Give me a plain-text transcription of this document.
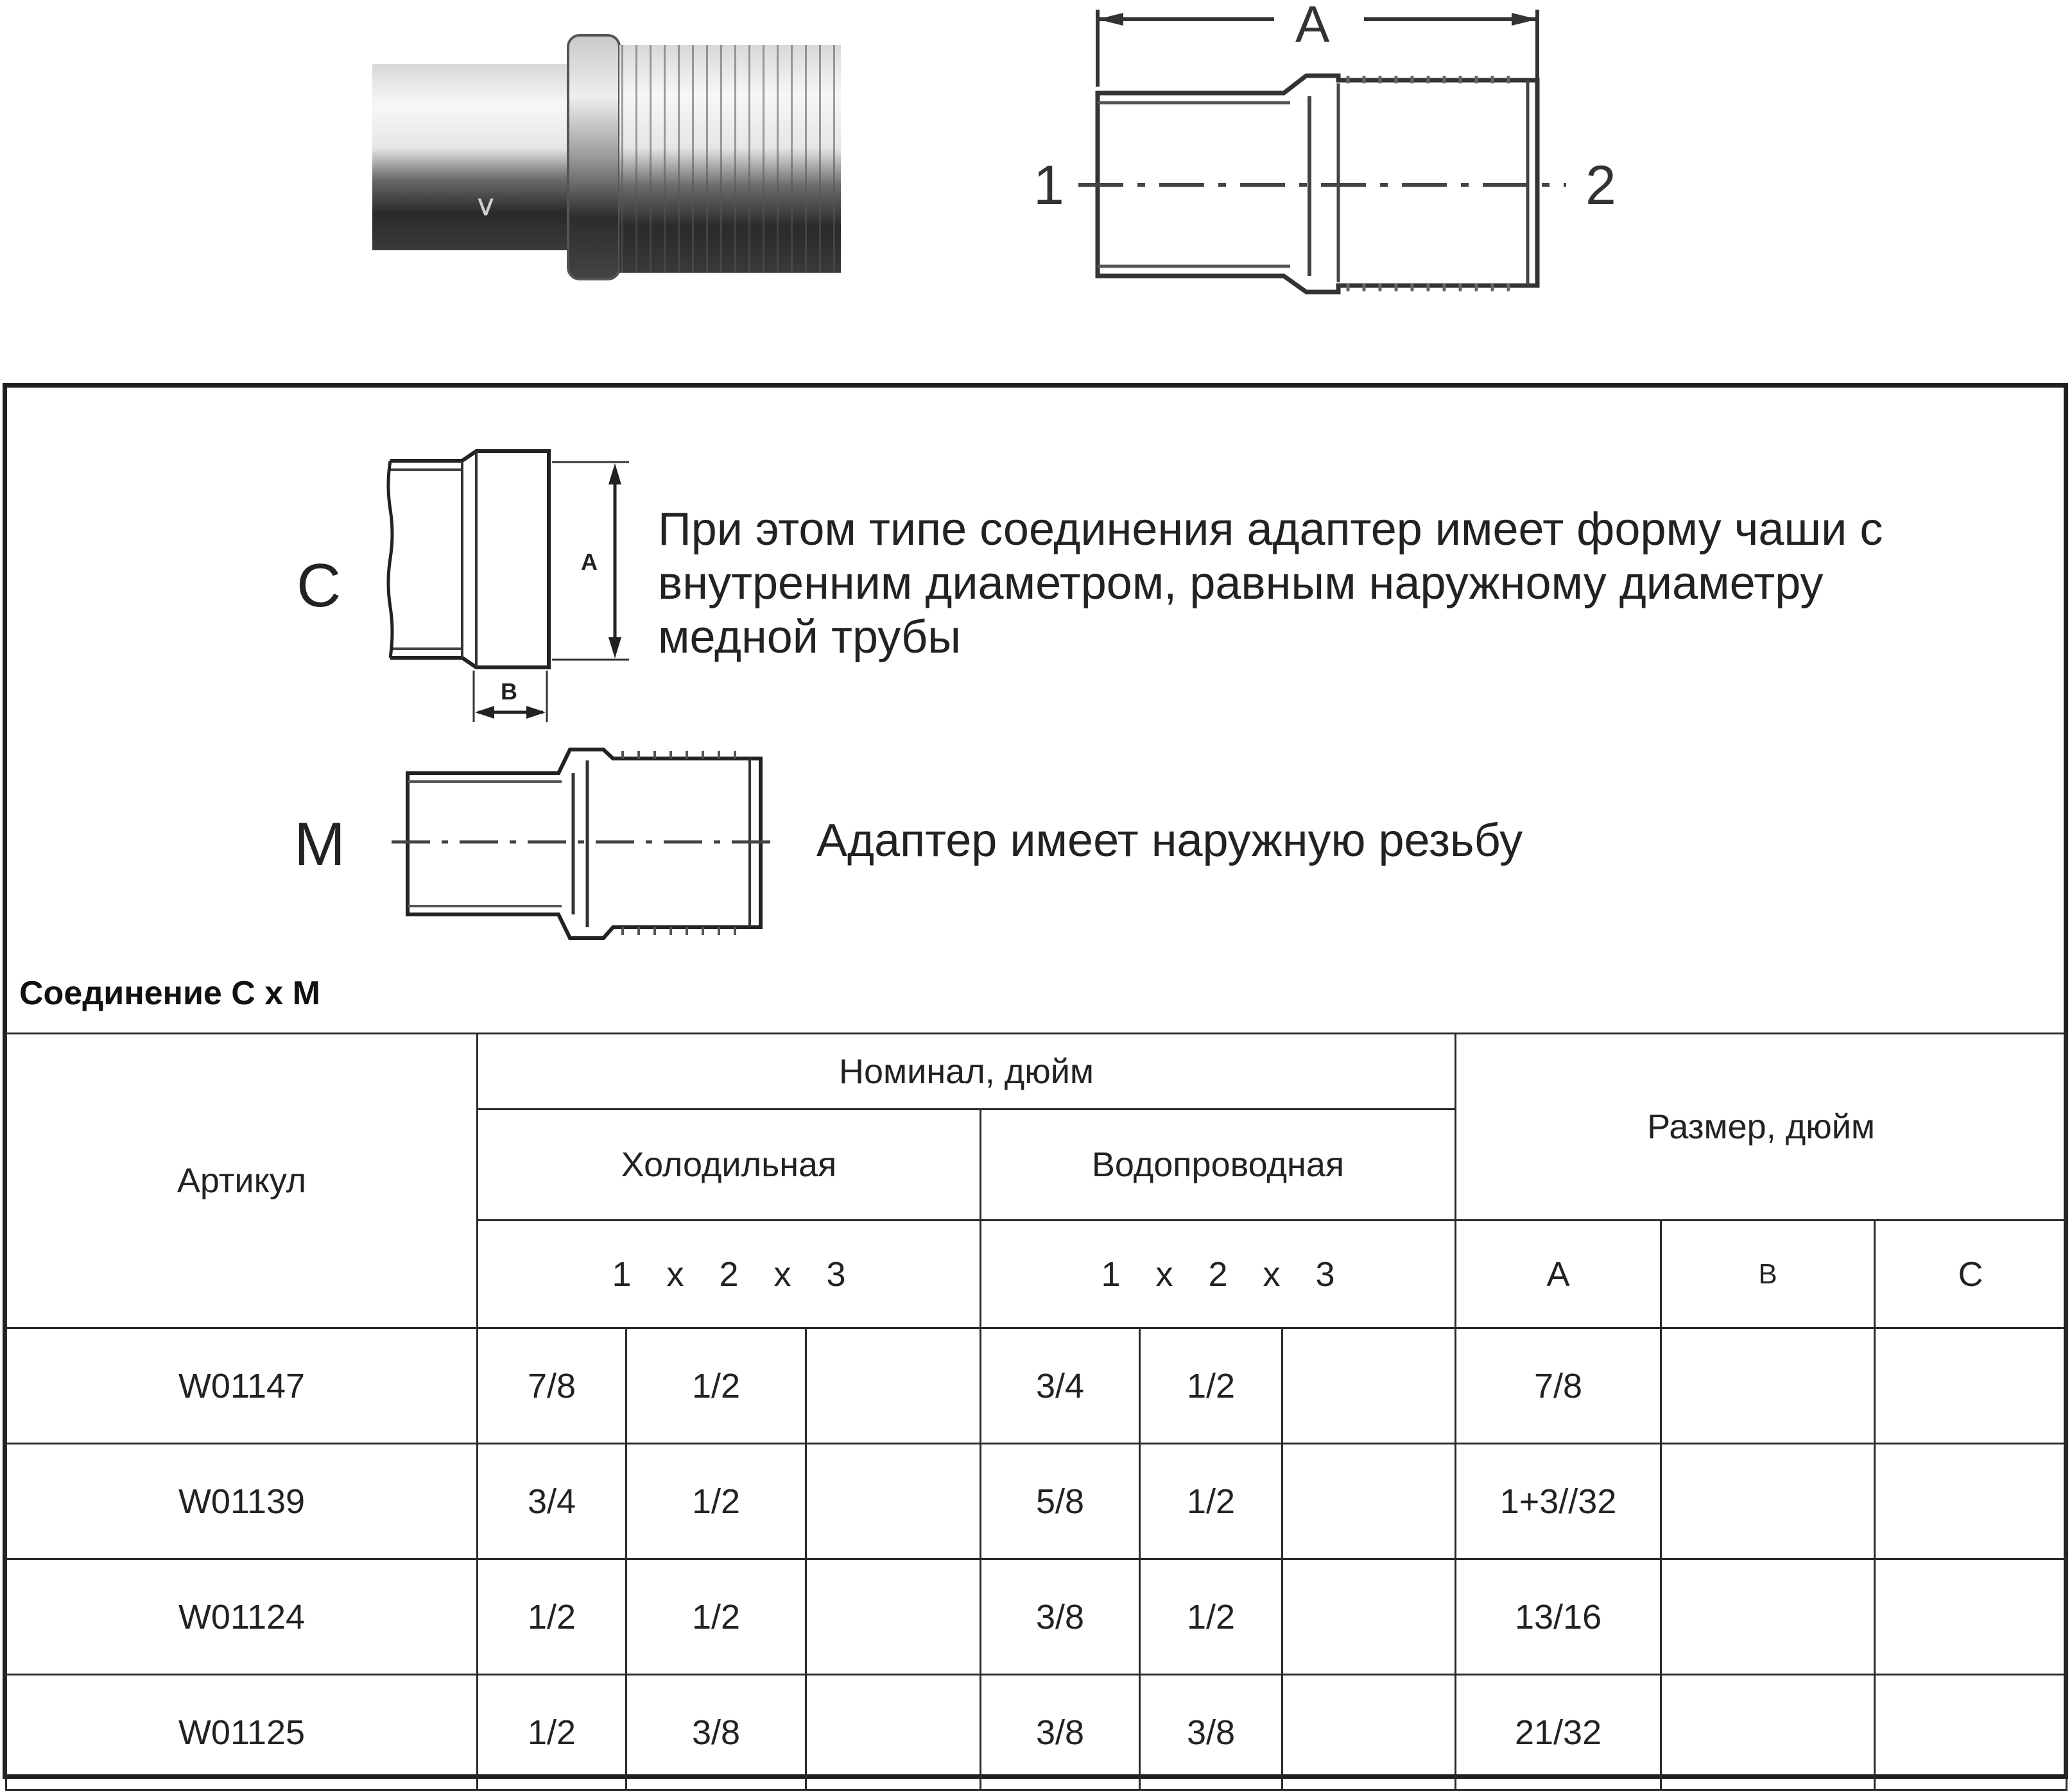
ⴸ
A
1	2
C	A
B
При этом типе соединения адаптер имеет форму чаши с внутренним диаметром, равным наружному диаметру медной трубы
M	Адаптер имеет наружную резьбу
Соединение С х М
Артикул	Номинал, дюйм						Размер, дюйм		
	Холодильная			Водопроводная					
	1 x 2 x 3			1 x 2 x 3			A	B	C
W01147	7/8	1/2		3/4	1/2		7/8		
W01139	3/4	1/2		5/8	1/2		1+3//32		
W01124	1/2	1/2		3/8	1/2		13/16		
W01125	1/2	3/8		3/8	3/8		21/32		
